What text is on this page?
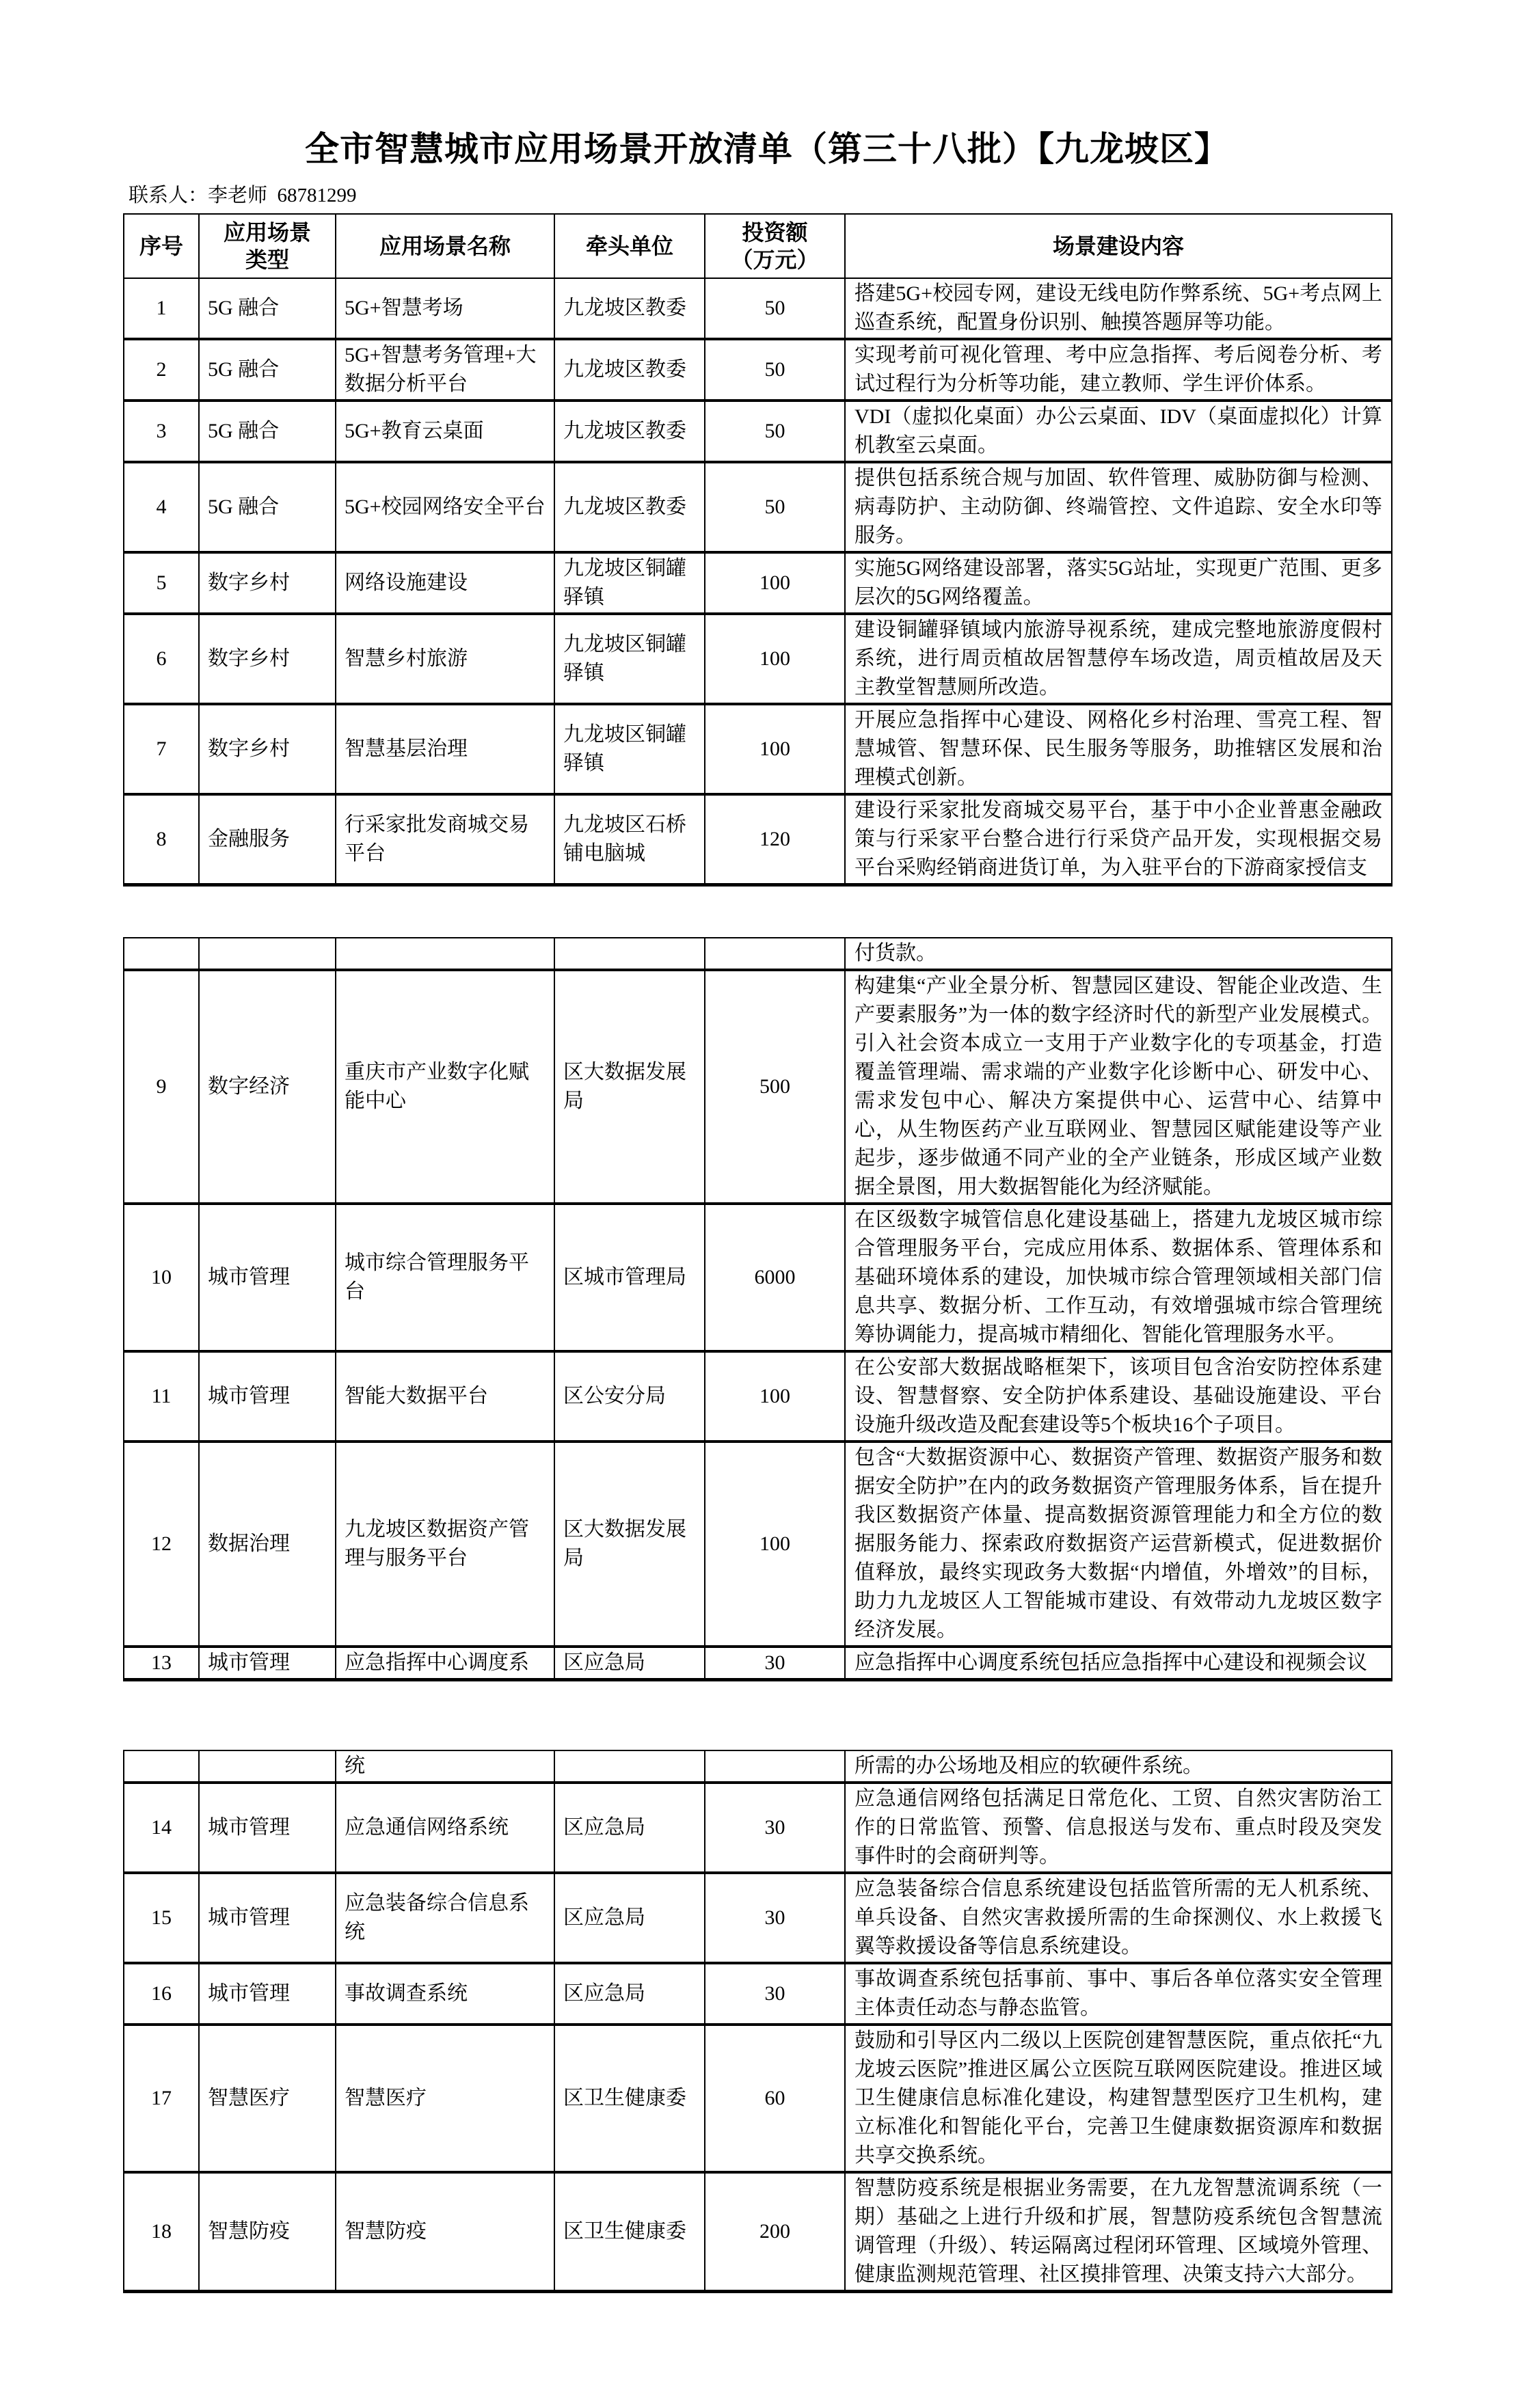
全市智慧城市应用场景开放清单（第三十八批）【九龙坡区】
联系人：李老师  68781299
序号	应用场景类型	应用场景名称	牵头单位	投资额（万元）	场景建设内容
1	5G 融合	5G+智慧考场	九龙坡区教委	50	搭建5G+校园专网，建设无线电防作弊系统、5G+考点网上巡查系统，配置身份识别、触摸答题屏等功能。
2	5G 融合	5G+智慧考务管理+大数据分析平台	九龙坡区教委	50	实现考前可视化管理、考中应急指挥、考后阅卷分析、考试过程行为分析等功能，建立教师、学生评价体系。
3	5G 融合	5G+教育云桌面	九龙坡区教委	50	VDI（虚拟化桌面）办公云桌面、IDV（桌面虚拟化）计算机教室云桌面。
4	5G 融合	5G+校园网络安全平台	九龙坡区教委	50	提供包括系统合规与加固、软件管理、威胁防御与检测、病毒防护、主动防御、终端管控、文件追踪、安全水印等服务。
5	数字乡村	网络设施建设	九龙坡区铜罐驿镇	100	实施5G网络建设部署，落实5G站址，实现更广范围、更多层次的5G网络覆盖。
6	数字乡村	智慧乡村旅游	九龙坡区铜罐驿镇	100	建设铜罐驿镇域内旅游导视系统，建成完整地旅游度假村系统，进行周贡植故居智慧停车场改造，周贡植故居及天主教堂智慧厕所改造。
7	数字乡村	智慧基层治理	九龙坡区铜罐驿镇	100	开展应急指挥中心建设、网格化乡村治理、雪亮工程、智慧城管、智慧环保、民生服务等服务，助推辖区发展和治理模式创新。
8	金融服务	行采家批发商城交易平台	九龙坡区石桥铺电脑城	120	建设行采家批发商城交易平台，基于中小企业普惠金融政策与行采家平台整合进行行采贷产品开发，实现根据交易平台采购经销商进货订单，为入驻平台的下游商家授信支
					付货款。
9	数字经济	重庆市产业数字化赋能中心	区大数据发展局	500	构建集“产业全景分析、智慧园区建设、智能企业改造、生产要素服务”为一体的数字经济时代的新型产业发展模式。引入社会资本成立一支用于产业数字化的专项基金，打造覆盖管理端、需求端的产业数字化诊断中心、研发中心、需求发包中心、解决方案提供中心、运营中心、结算中心，从生物医药产业互联网业、智慧园区赋能建设等产业起步，逐步做通不同产业的全产业链条，形成区域产业数据全景图，用大数据智能化为经济赋能。
10	城市管理	城市综合管理服务平台	区城市管理局	6000	在区级数字城管信息化建设基础上，搭建九龙坡区城市综合管理服务平台，完成应用体系、数据体系、管理体系和基础环境体系的建设，加快城市综合管理领域相关部门信息共享、数据分析、工作互动，有效增强城市综合管理统筹协调能力，提高城市精细化、智能化管理服务水平。
11	城市管理	智能大数据平台	区公安分局	100	在公安部大数据战略框架下，该项目包含治安防控体系建设、智慧督察、安全防护体系建设、基础设施建设、平台设施升级改造及配套建设等5个板块16个子项目。
12	数据治理	九龙坡区数据资产管理与服务平台	区大数据发展局	100	包含“大数据资源中心、数据资产管理、数据资产服务和数据安全防护”在内的政务数据资产管理服务体系，旨在提升我区数据资产体量、提高数据资源管理能力和全方位的数据服务能力、探索政府数据资产运营新模式，促进数据价值释放，最终实现政务大数据“内增值，外增效”的目标，助力九龙坡区人工智能城市建设、有效带动九龙坡区数字经济发展。
13	城市管理	应急指挥中心调度系	区应急局	30	应急指挥中心调度系统包括应急指挥中心建设和视频会议
		统			所需的办公场地及相应的软硬件系统。
14	城市管理	应急通信网络系统	区应急局	30	应急通信网络包括满足日常危化、工贸、自然灾害防治工作的日常监管、预警、信息报送与发布、重点时段及突发事件时的会商研判等。
15	城市管理	应急装备综合信息系统	区应急局	30	应急装备综合信息系统建设包括监管所需的无人机系统、单兵设备、自然灾害救援所需的生命探测仪、水上救援飞翼等救援设备等信息系统建设。
16	城市管理	事故调查系统	区应急局	30	事故调查系统包括事前、事中、事后各单位落实安全管理主体责任动态与静态监管。
17	智慧医疗	智慧医疗	区卫生健康委	60	鼓励和引导区内二级以上医院创建智慧医院，重点依托“九龙坡云医院”推进区属公立医院互联网医院建设。推进区域卫生健康信息标准化建设，构建智慧型医疗卫生机构，建立标准化和智能化平台，完善卫生健康数据资源库和数据共享交换系统。
18	智慧防疫	智慧防疫	区卫生健康委	200	智慧防疫系统是根据业务需要，在九龙智慧流调系统（一期）基础之上进行升级和扩展，智慧防疫系统包含智慧流调管理（升级）、转运隔离过程闭环管理、区域境外管理、健康监测规范管理、社区摸排管理、决策支持六大部分。
